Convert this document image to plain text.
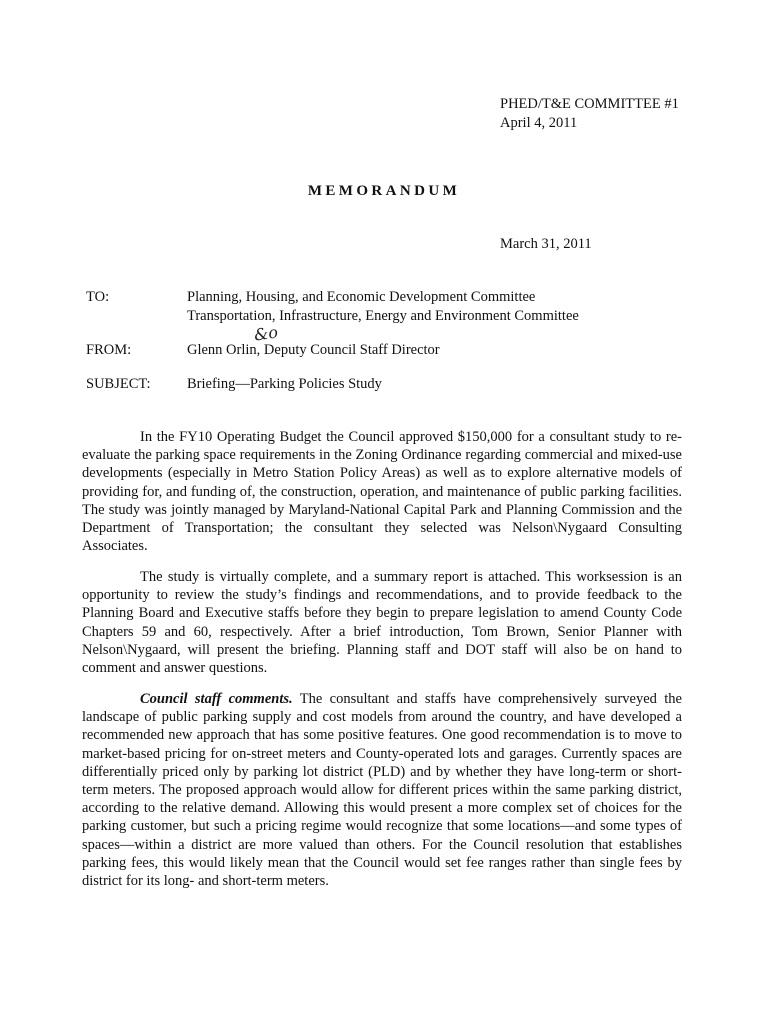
PHED/T&E COMMITTEE #1
April 4, 2011
MEMORANDUM
March 31, 2011
TO:	Planning, Housing, and Economic Development Committee
Transportation, Infrastructure, Energy and Environment Committee
&o
FROM:	Glenn Orlin, Deputy Council Staff Director
SUBJECT:	Briefing—Parking Policies Study

In the FY10 Operating Budget the Council approved $150,000 for a consultant study to re-evaluate the parking space requirements in the Zoning Ordinance regarding commercial and mixed-use developments (especially in Metro Station Policy Areas) as well as to explore alternative models of providing for, and funding of, the construction, operation, and maintenance of public parking facilities. The study was jointly managed by Maryland-National Capital Park and Planning Commission and the Department of Transportation; the consultant they selected was Nelson\Nygaard Consulting Associates.

The study is virtually complete, and a summary report is attached. This worksession is an opportunity to review the study’s findings and recommendations, and to provide feedback to the Planning Board and Executive staffs before they begin to prepare legislation to amend County Code Chapters 59 and 60, respectively. After a brief introduction, Tom Brown, Senior Planner with Nelson\Nygaard, will present the briefing. Planning staff and DOT staff will also be on hand to comment and answer questions.

Council staff comments. The consultant and staffs have comprehensively surveyed the landscape of public parking supply and cost models from around the country, and have developed a recommended new approach that has some positive features. One good recommendation is to move to market-based pricing for on-street meters and County-operated lots and garages. Currently spaces are differentially priced only by parking lot district (PLD) and by whether they have long-term or short-term meters. The proposed approach would allow for different prices within the same parking district, according to the relative demand. Allowing this would present a more complex set of choices for the parking customer, but such a pricing regime would recognize that some locations—and some types of spaces—within a district are more valued than others. For the Council resolution that establishes parking fees, this would likely mean that the Council would set fee ranges rather than single fees by district for its long- and short-term meters.
